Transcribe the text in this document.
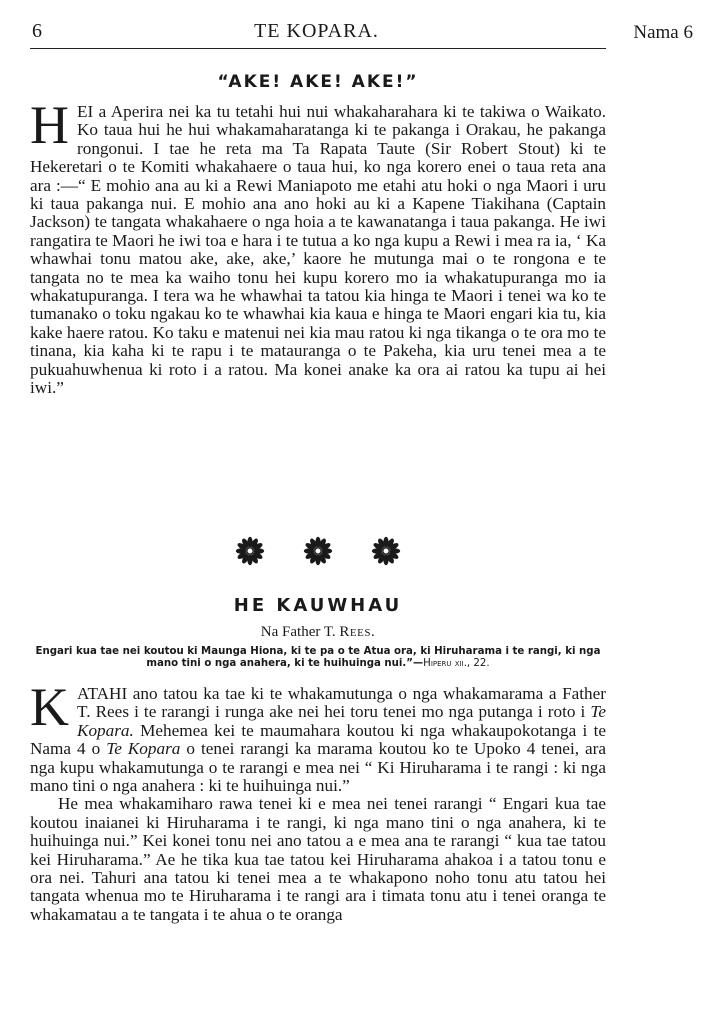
6	TE KOPARA.	Nama 6
“AKE! AKE! AKE!”
HEI a Aperira nei ka tu tetahi hui nui whakaharahara ki te takiwa o Waikato. Ko taua hui he hui whakamaharatanga ki te pakanga i Orakau, he pakanga rongonui. I tae he reta ma Ta Rapata Taute (Sir Robert Stout) ki te Hekeretari o te Komiti whakahaere o taua hui, ko nga korero enei o taua reta ana ara :—“ E mohio ana au ki a Rewi Maniapoto me etahi atu hoki o nga Maori i uru ki taua pakanga nui. E mohio ana ano hoki au ki a Kapene Tiakihana (Captain Jackson) te tangata whakahaere o nga hoia a te kawanatanga i taua pakanga. He iwi rangatira te Maori he iwi toa e hara i te tutua a ko nga kupu a Rewi i mea ra ia, ‘ Ka whawhai tonu matou ake, ake, ake,’ kaore he mutunga mai o te rongona e te tangata no te mea ka waiho tonu hei kupu korero mo ia whakatupuranga mo ia whakatupuranga. I tera wa he whawhai ta tatou kia hinga te Maori i tenei wa ko te tumanako o toku ngakau ko te whawhai kia kaua e hinga te Maori engari kia tu, kia kake haere ratou. Ko taku e matenui nei kia mau ratou ki nga tikanga o te ora mo te tinana, kia kaha ki te rapu i te matauranga o te Pakeha, kia uru tenei mea a te pukuahuwhenua ki roto i a ratou. Ma konei anake ka ora ai ratou ka tupu ai hei iwi.”
HE KAUWHAU
Na Father T. Rees.
Engari kua tae nei koutou ki Maunga Hiona, ki te pa o te Atua ora, ki Hiruharama i te rangi, ki nga mano tini o nga anahera, ki te huihuinga nui.”—Hiperu xii., 22.
KATAHI ano tatou ka tae ki te whakamutunga o nga whakamarama a Father T. Rees i te rarangi i runga ake nei hei toru tenei mo nga putanga i roto i Te Kopara. Mehemea kei te maumahara koutou ki nga whakaupokotanga i te Nama 4 o Te Kopara o tenei rarangi ka marama koutou ko te Upoko 4 tenei, ara nga kupu whakamutunga o te rarangi e mea nei “ Ki Hiruharama i te rangi : ki nga mano tini o nga anahera : ki te huihuinga nui.”
He mea whakamiharo rawa tenei ki e mea nei tenei rarangi “ Engari kua tae koutou inaianei ki Hiruharama i te rangi, ki nga mano tini o nga anahera, ki te huihuinga nui.” Kei konei tonu nei ano tatou a e mea ana te rarangi “ kua tae tatou kei Hiruharama.” Ae he tika kua tae tatou kei Hiruharama ahakoa i a tatou tonu e ora nei. Tahuri ana tatou ki tenei mea a te whakapono noho tonu atu tatou hei tangata whenua mo te Hiruharama i te rangi ara i timata tonu atu i tenei oranga te whakamatau a te tangata i te ahua o te oranga
